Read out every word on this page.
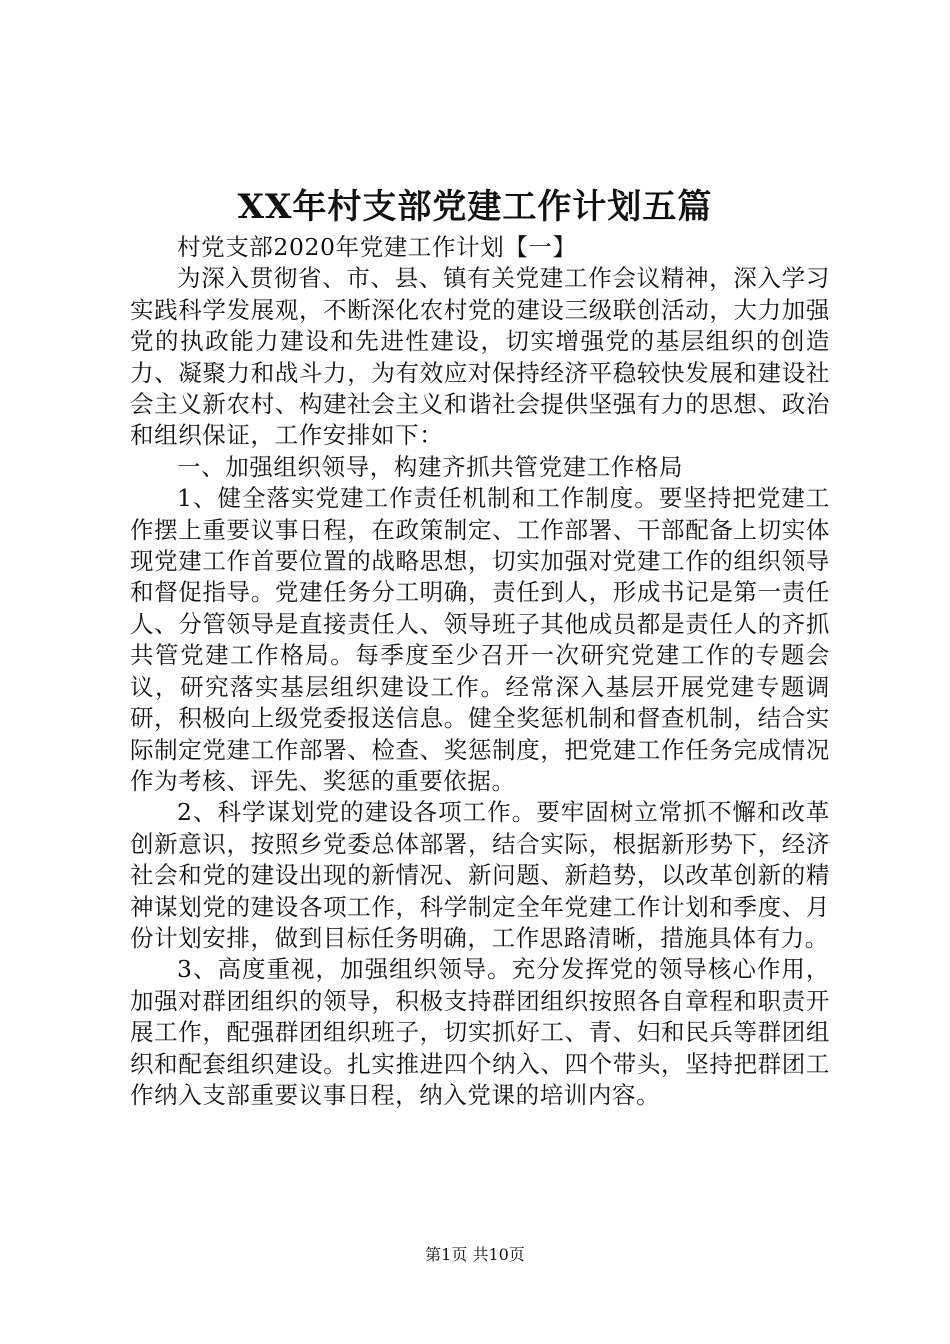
XX年村支部党建工作计划五篇

村党支部2020年党建工作计划【一】

为深入贯彻省、市、县、镇有关党建工作会议精神，深入学习实践科学发展观，不断深化农村党的建设三级联创活动，大力加强党的执政能力建设和先进性建设，切实增强党的基层组织的创造力、凝聚力和战斗力，为有效应对保持经济平稳较快发展和建设社会主义新农村、构建社会主义和谐社会提供坚强有力的思想、政治和组织保证，工作安排如下：

一、加强组织领导，构建齐抓共管党建工作格局

1、健全落实党建工作责任机制和工作制度。要坚持把党建工作摆上重要议事日程，在政策制定、工作部署、干部配备上切实体现党建工作首要位置的战略思想，切实加强对党建工作的组织领导和督促指导。党建任务分工明确，责任到人，形成书记是第一责任人、分管领导是直接责任人、领导班子其他成员都是责任人的齐抓共管党建工作格局。每季度至少召开一次研究党建工作的专题会议，研究落实基层组织建设工作。经常深入基层开展党建专题调研，积极向上级党委报送信息。健全奖惩机制和督查机制，结合实际制定党建工作部署、检查、奖惩制度，把党建工作任务完成情况作为考核、评先、奖惩的重要依据。

2、科学谋划党的建设各项工作。要牢固树立常抓不懈和改革创新意识，按照乡党委总体部署，结合实际，根据新形势下，经济社会和党的建设出现的新情况、新问题、新趋势，以改革创新的精神谋划党的建设各项工作，科学制定全年党建工作计划和季度、月份计划安排，做到目标任务明确，工作思路清晰，措施具体有力。

3、高度重视，加强组织领导。充分发挥党的领导核心作用，加强对群团组织的领导，积极支持群团组织按照各自章程和职责开展工作，配强群团组织班子，切实抓好工、青、妇和民兵等群团组织和配套组织建设。扎实推进四个纳入、四个带头，坚持把群团工作纳入支部重要议事日程，纳入党课的培训内容。

第1页 共10页
